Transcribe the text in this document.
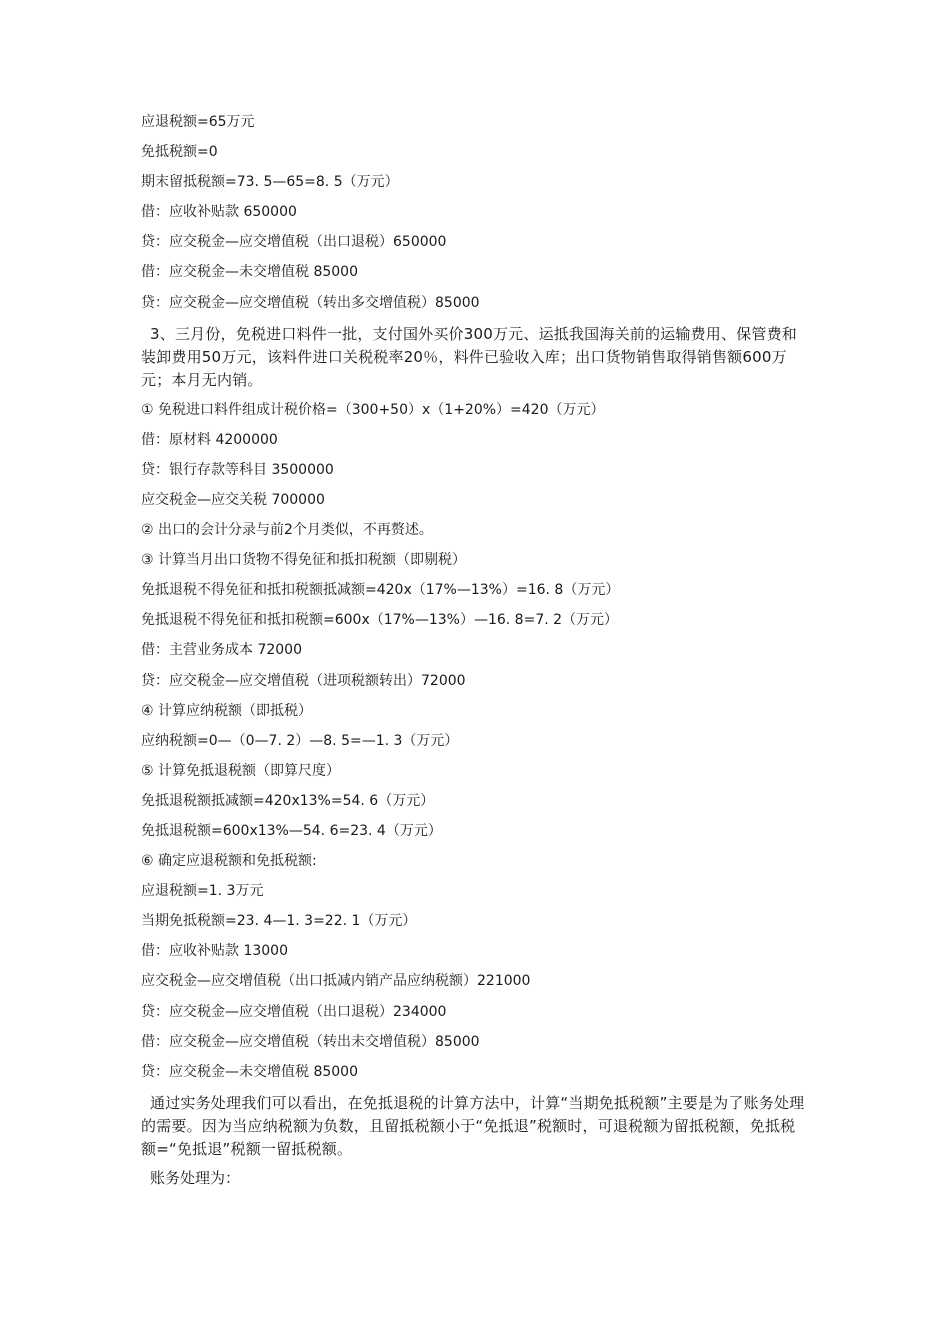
应退税额=65万元
免抵税额=0
期末留抵税额=73. 5—65=8. 5（万元）
借：应收补贴款 650000
贷：应交税金—应交增值税（出口退税）650000
借：应交税金—未交增值税 85000
贷：应交税金—应交增值税（转出多交增值税）85000
3、三月份，免税进口料件一批，支付国外买价300万元、运抵我国海关前的运输费用、保管费和装卸费用50万元，该料件进口关税税率20％，料件已验收入库；出口货物销售取得销售额600万元；本月无内销。
① 免税进口料件组成计税价格=（300+50）x（1+20%）=420（万元）
借：原材料 4200000
贷：银行存款等科目 3500000
应交税金—应交关税 700000
② 出口的会计分录与前2个月类似，不再赘述。
③ 计算当月出口货物不得免征和抵扣税额（即剔税）
免抵退税不得免征和抵扣税额抵减额=420x（17%—13%）=16. 8（万元）
免抵退税不得免征和抵扣税额=600x（17%—13%）—16. 8=7. 2（万元）
借：主营业务成本 72000
贷：应交税金—应交增值税（进项税额转出）72000
④ 计算应纳税额（即抵税）
应纳税额=0—（0—7. 2）—8. 5=—1. 3（万元）
⑤ 计算免抵退税额（即算尺度）
免抵退税额抵减额=420x13%=54. 6（万元）
免抵退税额=600x13%—54. 6=23. 4（万元）
⑥ 确定应退税额和免抵税额:
应退税额=1. 3万元
当期免抵税额=23. 4—1. 3=22. 1（万元）
借：应收补贴款 13000
应交税金—应交增值税（出口抵减内销产品应纳税额）221000
贷：应交税金—应交增值税（出口退税）234000
借：应交税金—应交增值税（转出未交增值税）85000
贷：应交税金—未交增值税 85000
通过实务处理我们可以看出，在免抵退税的计算方法中，计算“当期免抵税额”主要是为了账务处理的需要。因为当应纳税额为负数，且留抵税额小于“免抵退”税额时，可退税额为留抵税额，免抵税额=“免抵退”税额一留抵税额。
账务处理为：
